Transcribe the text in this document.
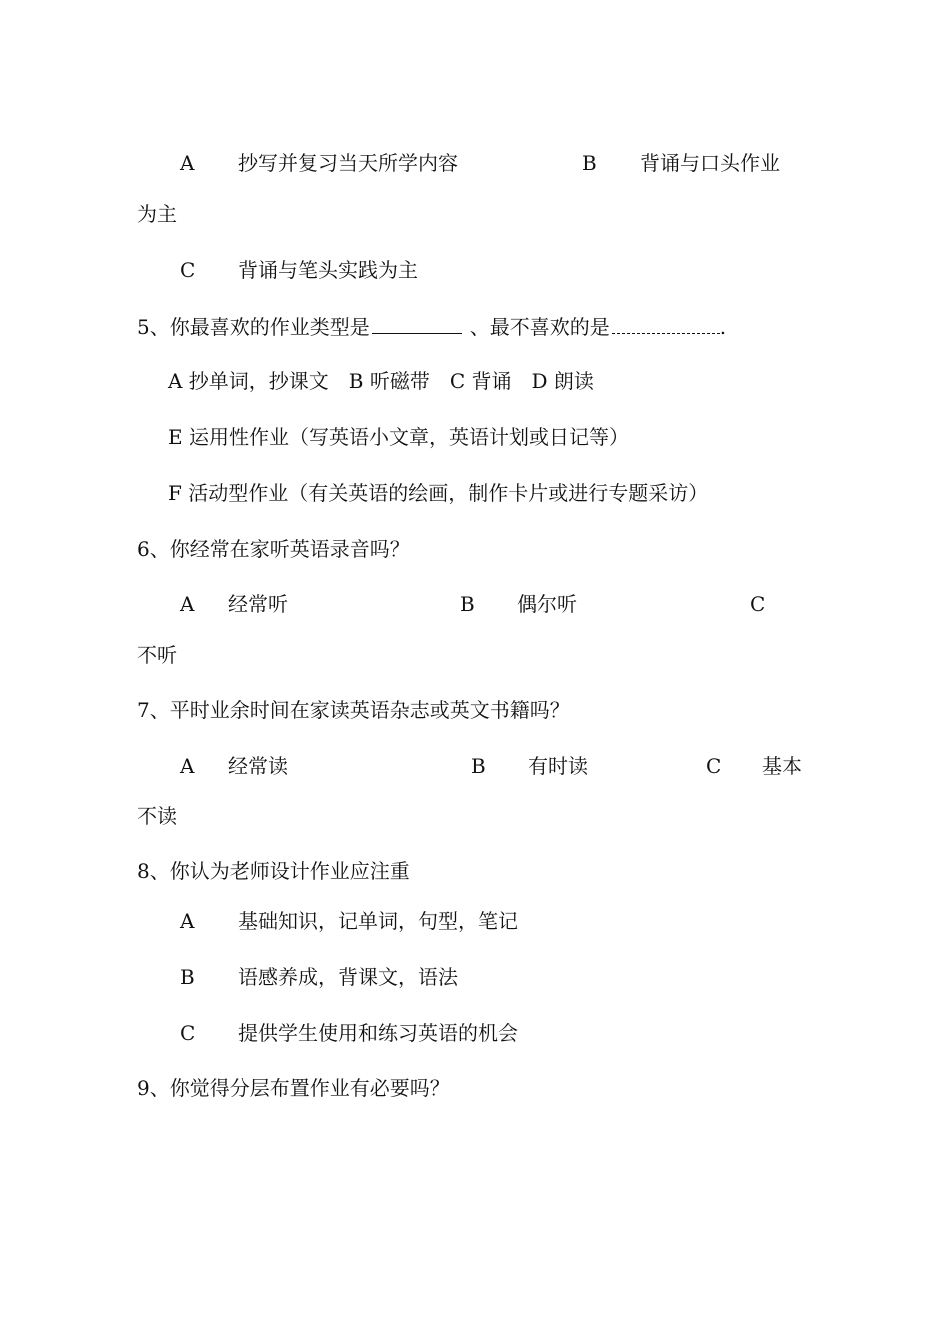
A 抄写并复习当天所学内容	B 背诵与口头作业
为主
C 背诵与笔头实践为主
5、你最喜欢的作业类型是	、最不喜欢的是	.
A 抄单词，抄课文　B 听磁带　C 背诵　D 朗读
E 运用性作业（写英语小文章，英语计划或日记等）
F 活动型作业（有关英语的绘画，制作卡片或进行专题采访）
6、你经常在家听英语录音吗？
A 经常听	B 偶尔听	C
不听
7、平时业余时间在家读英语杂志或英文书籍吗？
A 经常读	B 有时读	C 基本
不读
8、你认为老师设计作业应注重
A 基础知识，记单词，句型，笔记
B 语感养成，背课文，语法
C 提供学生使用和练习英语的机会
9、你觉得分层布置作业有必要吗？
